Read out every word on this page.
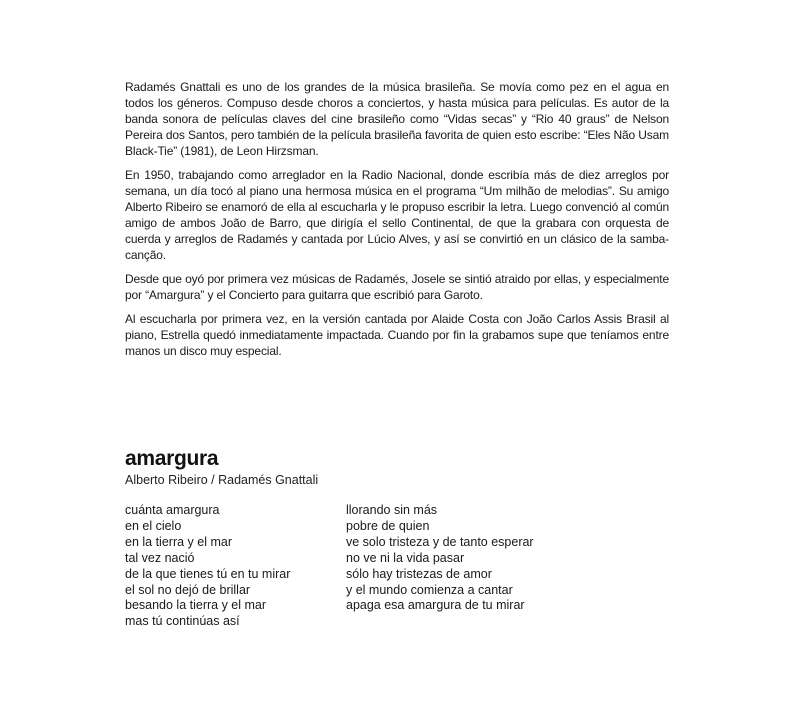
Radamés Gnattali es uno de los grandes de la música brasileña. Se movía como pez en el agua en todos los géneros. Compuso desde choros a conciertos, y hasta música para películas. Es autor de la banda sonora de películas claves del cine brasileño como “Vidas secas” y “Rio 40 graus” de Nelson Pereira dos Santos, pero también de la película brasileña favorita de quien esto escribe: “Eles Não Usam Black-Tie” (1981), de Leon Hirzsman.

En 1950, trabajando como arreglador en la Radio Nacional, donde escribía más de diez arreglos por semana, un día tocó al piano una hermosa música en el programa “Um milhão de melodias”. Su amigo Alberto Ribeiro se enamoró de ella al escucharla y le propuso escribir la letra. Luego convenció al común amigo de ambos João de Barro, que dirigía el sello Continental, de que la grabara con orquesta de cuerda y arreglos de Radamés y cantada por Lúcio Alves, y así se convirtió en un clásico de la samba-canção.

Desde que oyó por primera vez músicas de Radamés, Josele se sintió atraido por ellas, y especialmente por “Amargura” y el Concierto para guitarra que escribió para Garoto.

Al escucharla por primera vez, en la versión cantada por Alaide Costa con João Carlos Assis Brasil al piano, Estrella quedó inmediatamente impactada. Cuando por fin la grabamos supe que teníamos entre manos un disco muy especial.

amargura
Alberto Ribeiro / Radamés Gnattali
cuánta amargura
en el cielo
en la tierra y el mar
tal vez nació
de la que tienes tú en tu mirar
el sol no dejó de brillar
besando la tierra y el mar
mas tú continúas así
llorando sin más
pobre de quien
ve solo tristeza y de tanto esperar
no ve ni la vida pasar
sólo hay tristezas de amor
y el mundo comienza a cantar
apaga esa amargura de tu mirar
